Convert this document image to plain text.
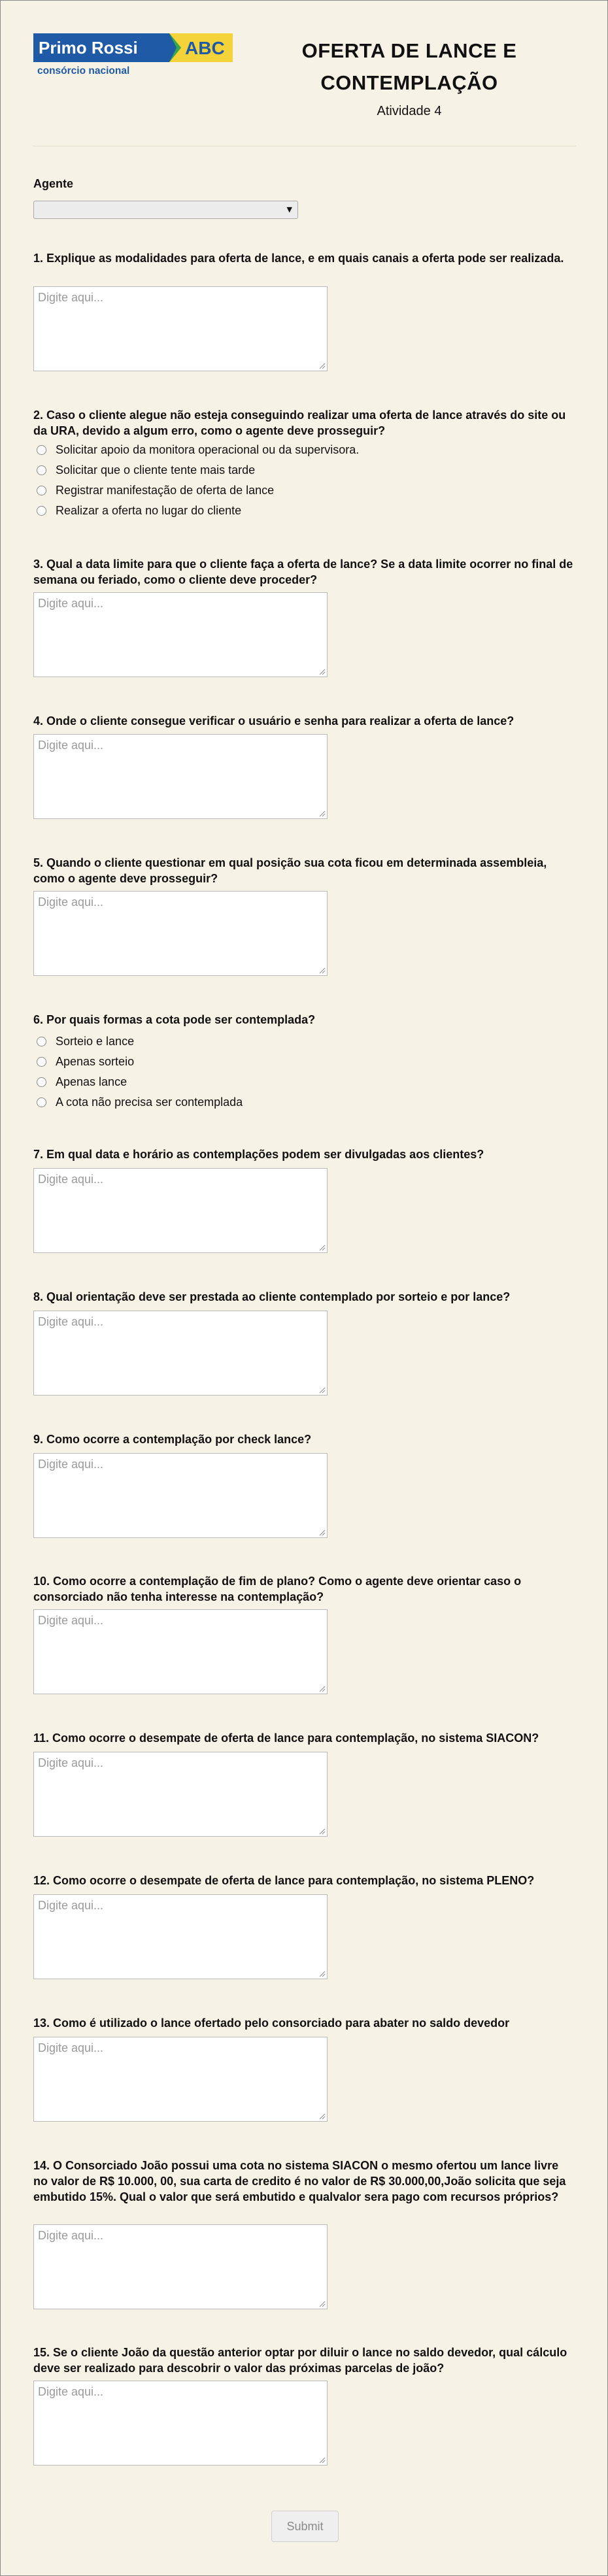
Primo Rossi	ABC
consórcio nacional
OFERTA DE LANCE E CONTEMPLAÇÃO
Atividade 4
Agente
▼
1. Explique as modalidades para oferta de lance, e em quais canais a oferta pode ser realizada.
Digite aqui...
2. Caso o cliente alegue não esteja conseguindo realizar uma oferta de lance através do site ou da URA, devido a algum erro, como o agente deve prosseguir?
Solicitar apoio da monitora operacional ou da supervisora.
Solicitar que o cliente tente mais tarde
Registrar manifestação de oferta de lance
Realizar a oferta no lugar do cliente
3. Qual a data limite para que o cliente faça a oferta de lance? Se a data limite ocorrer no final de semana ou feriado, como o cliente deve proceder?
Digite aqui...
4. Onde o cliente consegue verificar o usuário e senha para realizar a oferta de lance?
Digite aqui...
5. Quando o cliente questionar em qual posição sua cota ficou em determinada assembleia, como o agente deve prosseguir?
Digite aqui...
6. Por quais formas a cota pode ser contemplada?
Sorteio e lance
Apenas sorteio
Apenas lance
A cota não precisa ser contemplada
7. Em qual data e horário as contemplações podem ser divulgadas aos clientes?
Digite aqui...
8. Qual orientação deve ser prestada ao cliente contemplado por sorteio e por lance?
Digite aqui...
9. Como ocorre a contemplação por check lance?
Digite aqui...
10. Como ocorre a contemplação de fim de plano? Como o agente deve orientar caso o consorciado não tenha interesse na contemplação?
Digite aqui...
11. Como ocorre o desempate de oferta de lance para contemplação, no sistema SIACON?
Digite aqui...
12. Como ocorre o desempate de oferta de lance para contemplação, no sistema PLENO?
Digite aqui...
13. Como é utilizado o lance ofertado pelo consorciado para abater no saldo devedor
Digite aqui...
14. O Consorciado João possui uma cota no sistema SIACON o mesmo ofertou um lance livre no valor de R$ 10.000, 00, sua carta de credito é no valor de R$ 30.000,00,João solicita que seja embutido 15%. Qual o valor que será embutido e qualvalor sera pago com recursos próprios?
Digite aqui...
15. Se o cliente João da questão anterior optar por diluir o lance no saldo devedor, qual cálculo deve ser realizado para descobrir o valor das próximas parcelas de joão?
Digite aqui...
Submit
